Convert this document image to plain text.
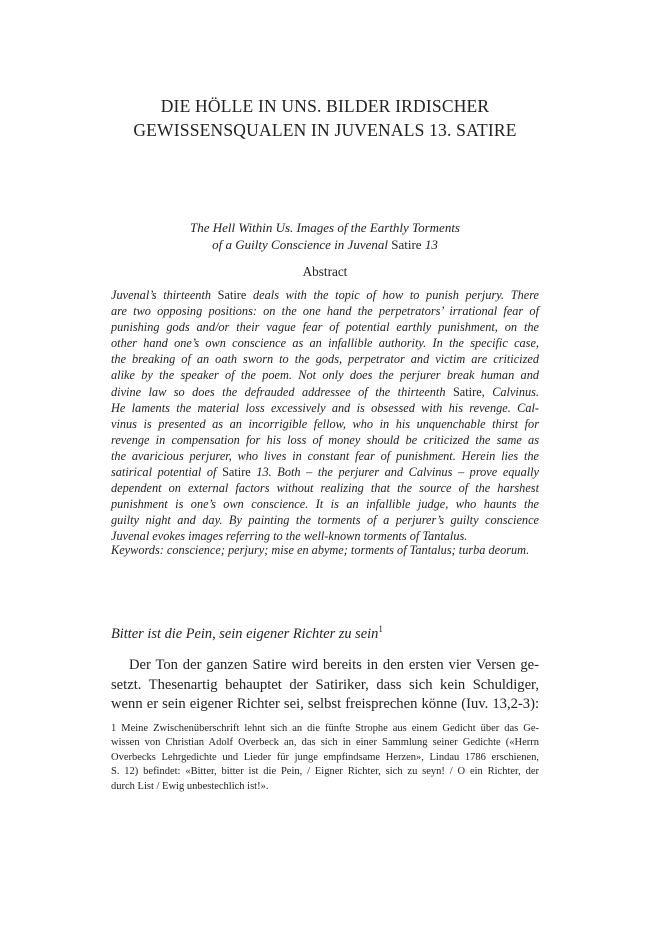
DIE HÖLLE IN UNS. BILDER IRDISCHER
GEWISSENSQUALEN IN JUVENALS 13. SATIRE
The Hell Within Us. Images of the Earthly Torments
of a Guilty Conscience in Juvenal Satire 13
Abstract
Juvenal’s thirteenth Satire deals with the topic of how to punish perjury. There
are two opposing positions: on the one hand the perpetrators’ irrational fear of
punishing gods and/or their vague fear of potential earthly punishment, on the
other hand one’s own conscience as an infallible authority. In the specific case,
the breaking of an oath sworn to the gods, perpetrator and victim are criticized
alike by the speaker of the poem. Not only does the perjurer break human and
divine law so does the defrauded addressee of the thirteenth Satire, Calvinus.
He laments the material loss excessively and is obsessed with his revenge. Cal-
vinus is presented as an incorrigible fellow, who in his unquenchable thirst for
revenge in compensation for his loss of money should be criticized the same as
the avaricious perjurer, who lives in constant fear of punishment. Herein lies the
satirical potential of Satire 13. Both – the perjurer and Calvinus – prove equally
dependent on external factors without realizing that the source of the harshest
punishment is one’s own conscience. It is an infallible judge, who haunts the
guilty night and day. By painting the torments of a perjurer’s guilty conscience
Juvenal evokes images referring to the well-known torments of Tantalus.
Keywords: conscience; perjury; mise en abyme; torments of Tantalus; turba deorum.
Bitter ist die Pein, sein eigener Richter zu sein$^1$
Der Ton der ganzen Satire wird bereits in den ersten vier Versen ge-
setzt. Thesenartig behauptet der Satiriker, dass sich kein Schuldiger,
wenn er sein eigener Richter sei, selbst freisprechen könne (Iuv. 13,2-3):
1 Meine Zwischenüberschrift lehnt sich an die fünfte Strophe aus einem Gedicht über das Ge-
wissen von Christian Adolf Overbeck an, das sich in einer Sammlung seiner Gedichte («Herrn
Overbecks Lehrgedichte und Lieder für junge empfindsame Herzen», Lindau 1786 erschienen,
S. 12) befindet: «Bitter, bitter ist die Pein, / Eigner Richter, sich zu seyn! / O ein Richter, der
durch List / Ewig unbestechlich ist!».
